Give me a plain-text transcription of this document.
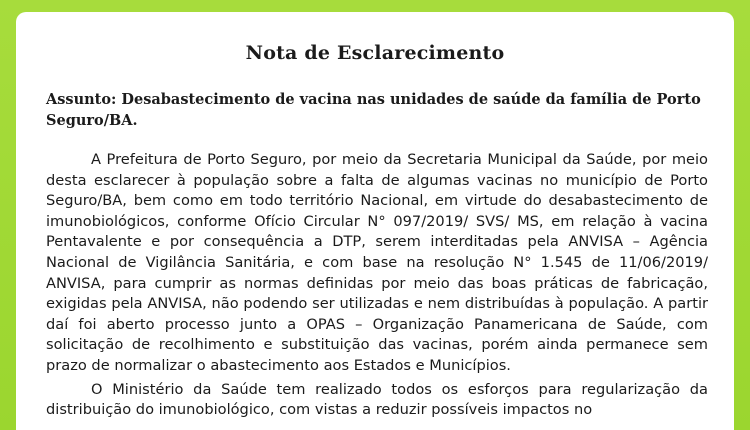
Nota de Esclarecimento
Assunto: Desabastecimento de vacina nas unidades de saúde da família de Porto Seguro/BA.

A Prefeitura de Porto Seguro, por meio da Secretaria Municipal da Saúde, por meio desta esclarecer à população sobre a falta de algumas vacinas no município de Porto Seguro/BA, bem como em todo território Nacional, em virtude do desabastecimento de imunobiológicos, conforme Ofício Circular N° 097/2019/ SVS/ MS, em relação à vacina Pentavalente e por consequência a DTP, serem interditadas pela ANVISA – Agência Nacional de Vigilância Sanitária, e com base na resolução N° 1.545 de 11/06/2019/ ANVISA, para cumprir as normas definidas por meio das boas práticas de fabricação, exigidas pela ANVISA, não podendo ser utilizadas e nem distribuídas à população. A partir daí foi aberto processo junto a OPAS – Organização Panamericana de Saúde, com solicitação de recolhimento e substituição das vacinas, porém ainda permanece sem prazo de normalizar o abastecimento aos Estados e Municípios.

O Ministério da Saúde tem realizado todos os esforços para regularização da distribuição do imunobiológico, com vistas a reduzir possíveis impactos no
